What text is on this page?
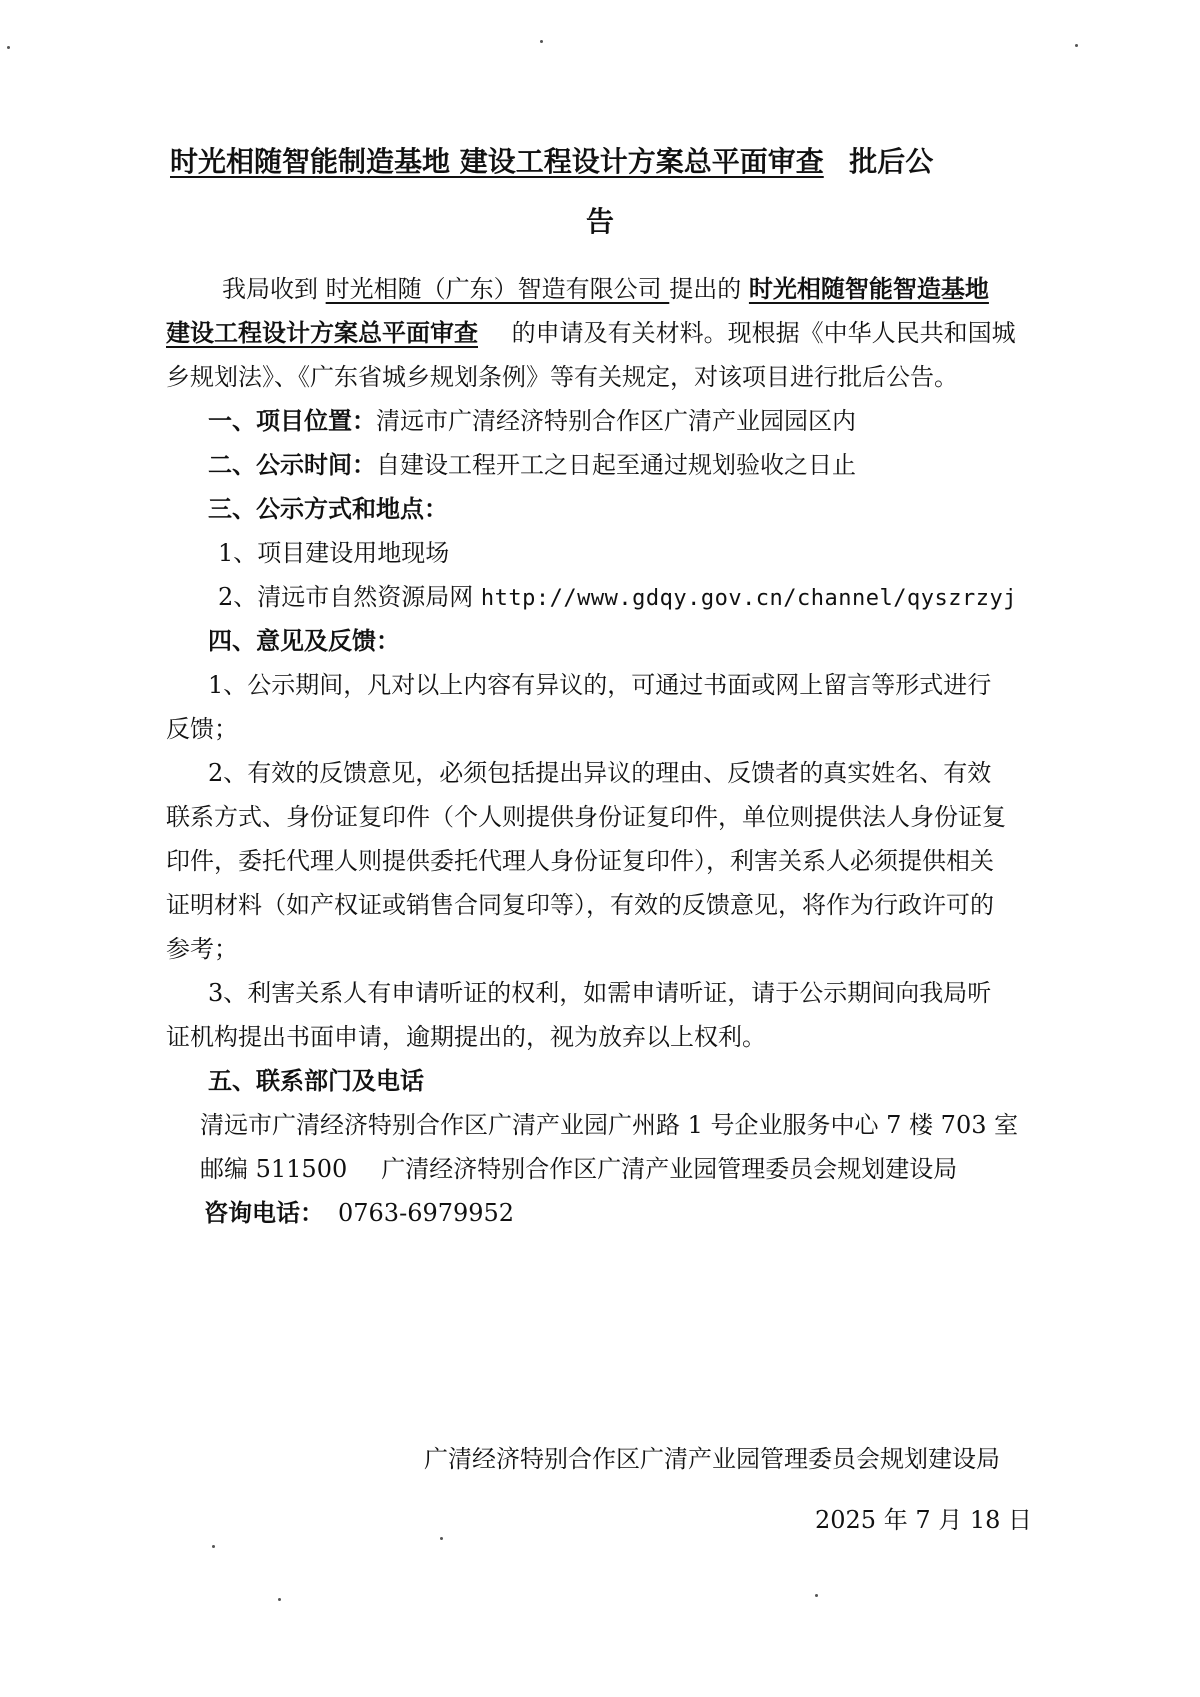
时光相随智能制造基地 建设工程设计方案总平面审查 批后公
告
我局收到 时光相随（广东）智造有限公司 提出的 时光相随智能智造基地
建设工程设计方案总平面审查 的申请及有关材料。现根据《中华人民共和国城
乡规划法》、《广东省城乡规划条例》等有关规定，对该项目进行批后公告。
一、项目位置：清远市广清经济特别合作区广清产业园园区内
二、公示时间：自建设工程开工之日起至通过规划验收之日止
三、公示方式和地点：
1、项目建设用地现场
2、清远市自然资源局网 http://www.gdqy.gov.cn/channel/qyszrzyj
四、意见及反馈：
1、公示期间，凡对以上内容有异议的，可通过书面或网上留言等形式进行
反馈；
2、有效的反馈意见，必须包括提出异议的理由、反馈者的真实姓名、有效
联系方式、身份证复印件（个人则提供身份证复印件，单位则提供法人身份证复
印件，委托代理人则提供委托代理人身份证复印件），利害关系人必须提供相关
证明材料（如产权证或销售合同复印等），有效的反馈意见，将作为行政许可的
参考；
3、利害关系人有申请听证的权利，如需申请听证，请于公示期间向我局听
证机构提出书面申请，逾期提出的，视为放弃以上权利。
五、联系部门及电话
清远市广清经济特别合作区广清产业园广州路 1 号企业服务中心 7 楼 703 室
邮编 511500 广清经济特别合作区广清产业园管理委员会规划建设局
咨询电话： 0763-6979952
广清经济特别合作区广清产业园管理委员会规划建设局
2025 年 7 月 18 日
